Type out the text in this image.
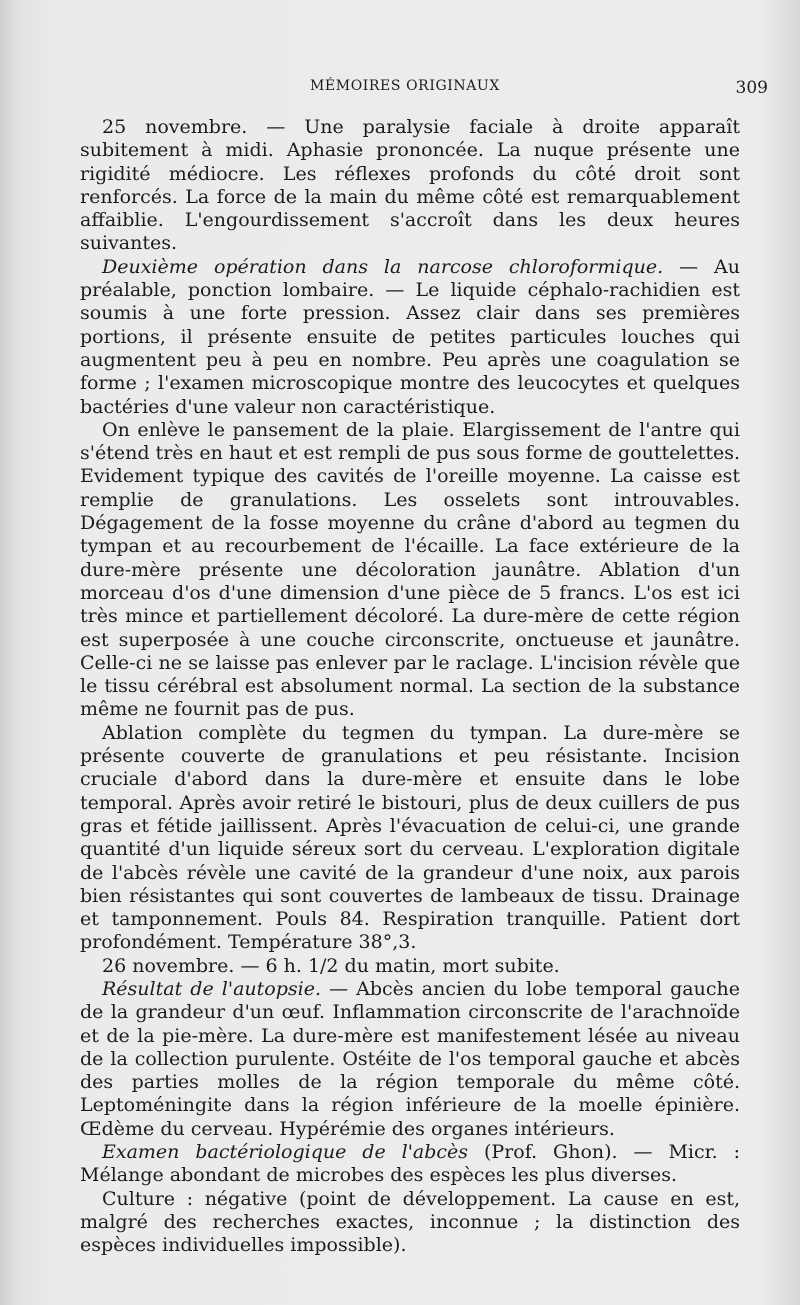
MÉMOIRES ORIGINAUX	309

25 novembre. — Une paralysie faciale à droite apparaît subitement à midi. Aphasie prononcée. La nuque présente une rigidité médiocre. Les réflexes profonds du côté droit sont renforcés. La force de la main du même côté est remarquablement affaiblie. L'engourdissement s'accroît dans les deux heures suivantes.

Deuxième opération dans la narcose chloroformique. — Au préalable, ponction lombaire. — Le liquide céphalo-rachidien est soumis à une forte pression. Assez clair dans ses premières portions, il présente ensuite de petites particules louches qui augmentent peu à peu en nombre. Peu après une coagulation se forme ; l'examen microscopique montre des leucocytes et quelques bactéries d'une valeur non caractéristique.

On enlève le pansement de la plaie. Elargissement de l'antre qui s'étend très en haut et est rempli de pus sous forme de gouttelettes. Evidement typique des cavités de l'oreille moyenne. La caisse est remplie de granulations. Les osselets sont introuvables. Dégagement de la fosse moyenne du crâne d'abord au tegmen du tympan et au recourbement de l'écaille. La face extérieure de la dure-mère présente une décoloration jaunâtre. Ablation d'un morceau d'os d'une dimension d'une pièce de 5 francs. L'os est ici très mince et partiellement décoloré. La dure-mère de cette région est superposée à une couche circonscrite, onctueuse et jaunâtre. Celle-ci ne se laisse pas enlever par le raclage. L'incision révèle que le tissu cérébral est absolument normal. La section de la substance même ne fournit pas de pus.

Ablation complète du tegmen du tympan. La dure-mère se présente couverte de granulations et peu résistante. Incision cruciale d'abord dans la dure-mère et ensuite dans le lobe temporal. Après avoir retiré le bistouri, plus de deux cuillers de pus gras et fétide jaillissent. Après l'évacuation de celui-ci, une grande quantité d'un liquide séreux sort du cerveau. L'exploration digitale de l'abcès révèle une cavité de la grandeur d'une noix, aux parois bien résistantes qui sont couvertes de lambeaux de tissu. Drainage et tamponnement. Pouls 84. Respiration tranquille. Patient dort profondément. Température 38°,3.

26 novembre. — 6 h. 1/2 du matin, mort subite.

Résultat de l'autopsie. — Abcès ancien du lobe temporal gauche de la grandeur d'un œuf. Inflammation circonscrite de l'arachnoïde et de la pie-mère. La dure-mère est manifestement lésée au niveau de la collection purulente. Ostéite de l'os temporal gauche et abcès des parties molles de la région temporale du même côté. Leptoméningite dans la région inférieure de la moelle épinière. Œdème du cerveau. Hypérémie des organes intérieurs.

Examen bactériologique de l'abcès (Prof. Ghon). — Micr. : Mélange abondant de microbes des espèces les plus diverses.

Culture : négative (point de développement. La cause en est, malgré des recherches exactes, inconnue ; la distinction des espèces individuelles impossible).
